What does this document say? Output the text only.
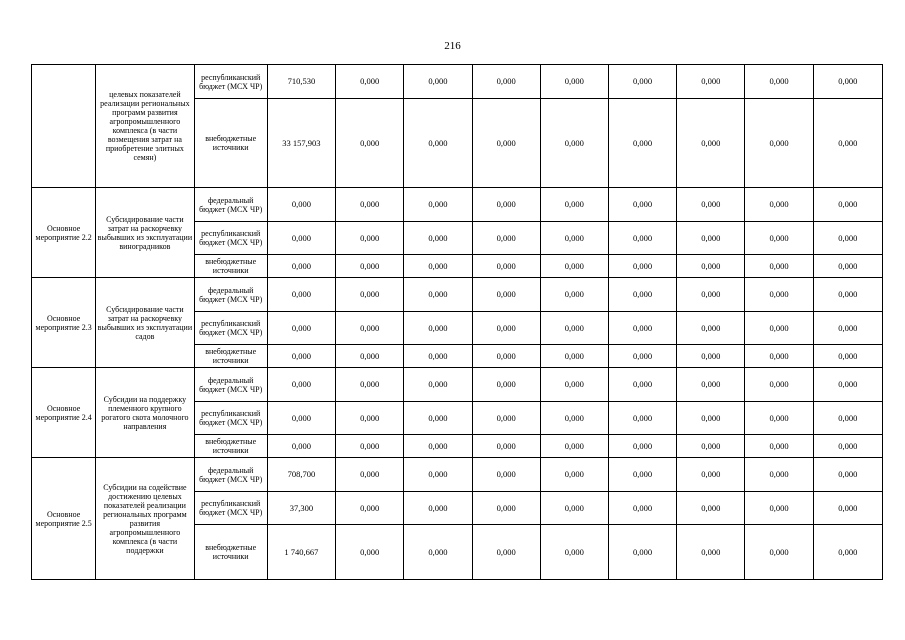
216
	целевых показателей реализации региональных программ развития агропромышленного комплекса (в части возмещения затрат на приобретение элитных семян)	республиканский бюджет (МСХ ЧР)	710,530	0,000	0,000	0,000	0,000	0,000	0,000	0,000	0,000
		внебюджетные источники	33 157,903	0,000	0,000	0,000	0,000	0,000	0,000	0,000	0,000
Основное мероприятие 2.2	Субсидирование части затрат на раскорчевку выбывших из эксплуатации виноградников	федеральный бюджет (МСХ ЧР)	0,000	0,000	0,000	0,000	0,000	0,000	0,000	0,000	0,000
		республиканский бюджет (МСХ ЧР)	0,000	0,000	0,000	0,000	0,000	0,000	0,000	0,000	0,000
		внебюджетные источники	0,000	0,000	0,000	0,000	0,000	0,000	0,000	0,000	0,000
Основное мероприятие 2.3	Субсидирование части затрат на раскорчевку выбывших из эксплуатации садов	федеральный бюджет (МСХ ЧР)	0,000	0,000	0,000	0,000	0,000	0,000	0,000	0,000	0,000
		республиканский бюджет (МСХ ЧР)	0,000	0,000	0,000	0,000	0,000	0,000	0,000	0,000	0,000
		внебюджетные источники	0,000	0,000	0,000	0,000	0,000	0,000	0,000	0,000	0,000
Основное мероприятие 2.4	Субсидии на поддержку племенного крупного рогатого скота молочного направления	федеральный бюджет (МСХ ЧР)	0,000	0,000	0,000	0,000	0,000	0,000	0,000	0,000	0,000
		республиканский бюджет (МСХ ЧР)	0,000	0,000	0,000	0,000	0,000	0,000	0,000	0,000	0,000
		внебюджетные источники	0,000	0,000	0,000	0,000	0,000	0,000	0,000	0,000	0,000
Основное мероприятие 2.5	Субсидии на содействие достижению целевых показателей реализации региональных программ развития агропромышленного комплекса (в части поддержки	федеральный бюджет (МСХ ЧР)	708,700	0,000	0,000	0,000	0,000	0,000	0,000	0,000	0,000
		республиканский бюджет (МСХ ЧР)	37,300	0,000	0,000	0,000	0,000	0,000	0,000	0,000	0,000
		внебюджетные источники	1 740,667	0,000	0,000	0,000	0,000	0,000	0,000	0,000	0,000
